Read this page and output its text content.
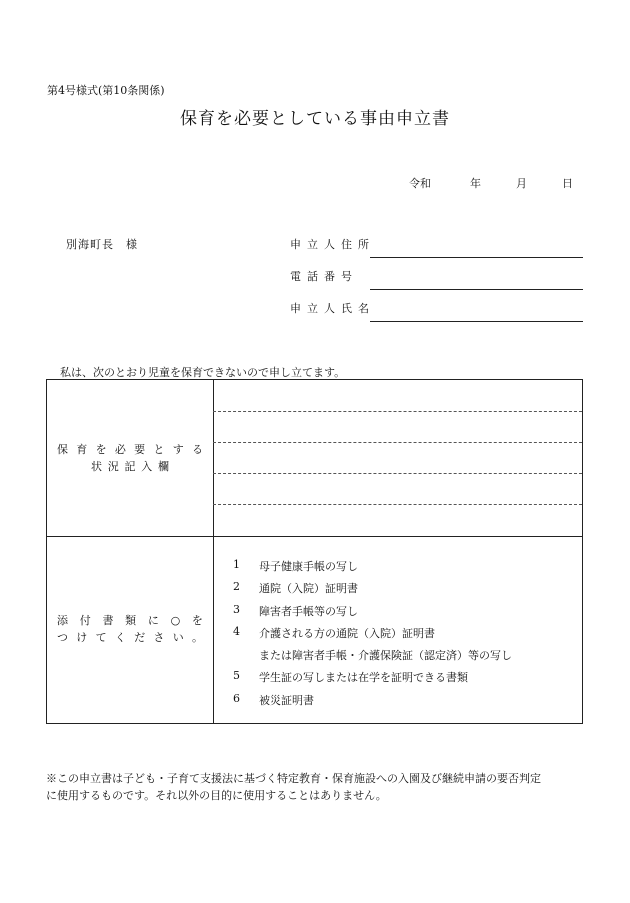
第4号様式(第10条関係)
保育を必要としている事由申立書
令和	年	月	日
別海町長　様	申立人住所
電話番号
申立人氏名
私は、次のとおり児童を保育できないので申し立てます。
保 育 を 必 要 と す る
状 況 記 入 欄
添 付 書 類 に ○ を
つ け て く だ さ い 。
1	母子健康手帳の写し
2	通院（入院）証明書
3	障害者手帳等の写し
4	介護される方の通院（入院）証明書
または障害者手帳・介護保険証（認定済）等の写し
5	学生証の写しまたは在学を証明できる書類
6	被災証明書
※この申立書は子ども・子育て支援法に基づく特定教育・保育施設への入園及び継続申請の要否判定
に使用するものです。それ以外の目的に使用することはありません。
